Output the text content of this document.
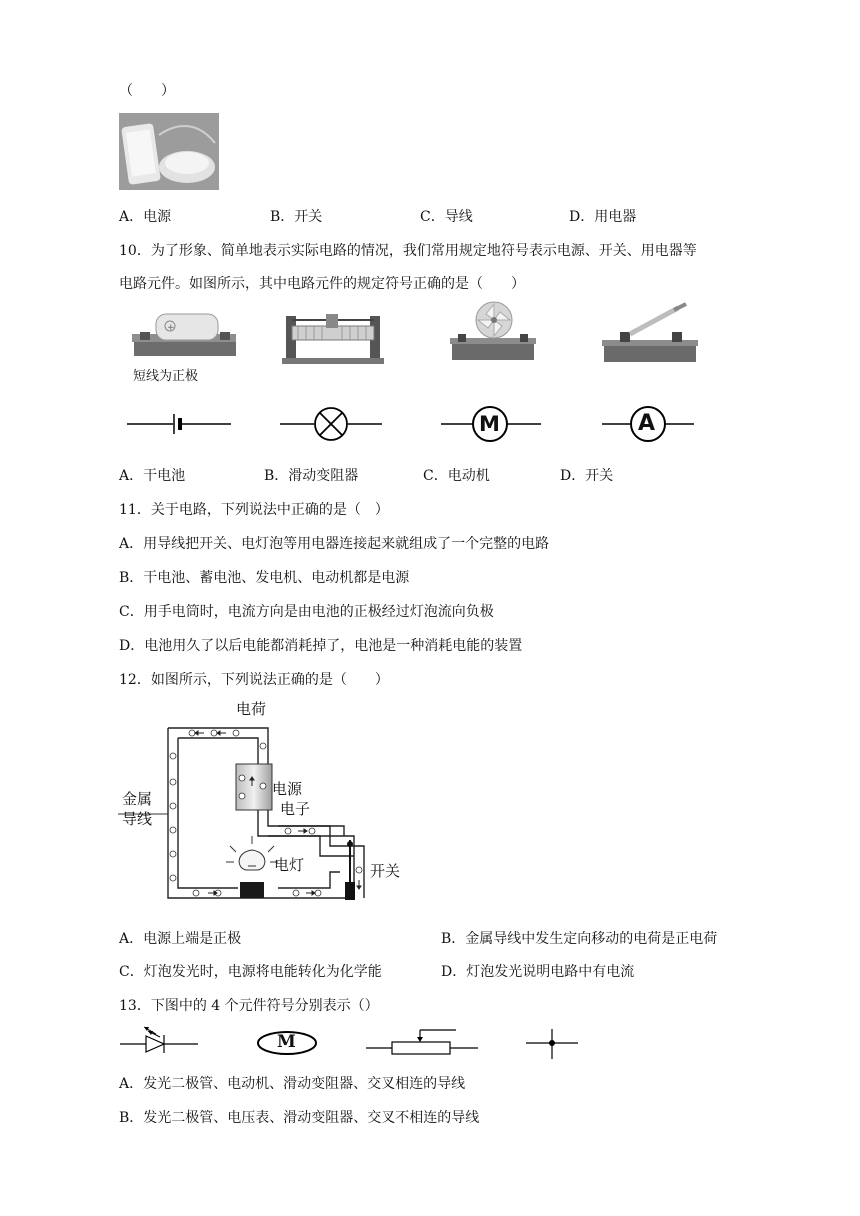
（　　）
A．电源	B．开关	C．导线	D．用电器
10．为了形象、简单地表示实际电路的情况，我们常用规定地符号表示电源、开关、用电器等
电路元件。如图所示，其中电路元件的规定符号正确的是（　　）
+
短线为正极
M	A
A．干电池	B．滑动变阻器	C．电动机	D．开关
11．关于电路，下列说法中正确的是（　）
A．用导线把开关、电灯泡等用电器连接起来就组成了一个完整的电路
B．干电池、蓄电池、发电机、电动机都是电源
C．用手电筒时，电流方向是由电池的正极经过灯泡流向负极
D．电池用久了以后电能都消耗掉了，电池是一种消耗电能的装置
12．如图所示，下列说法正确的是（　　）
电荷
电源
电子
金属
导线
电灯	开关
A．电源上端是正极	B．金属导线中发生定向移动的电荷是正电荷
C．灯泡发光时，电源将电能转化为化学能	D．灯泡发光说明电路中有电流
13．下图中的 4 个元件符号分别表示（）
M
A．发光二极管、电动机、滑动变阻器、交叉相连的导线
B．发光二极管、电压表、滑动变阻器、交叉不相连的导线
